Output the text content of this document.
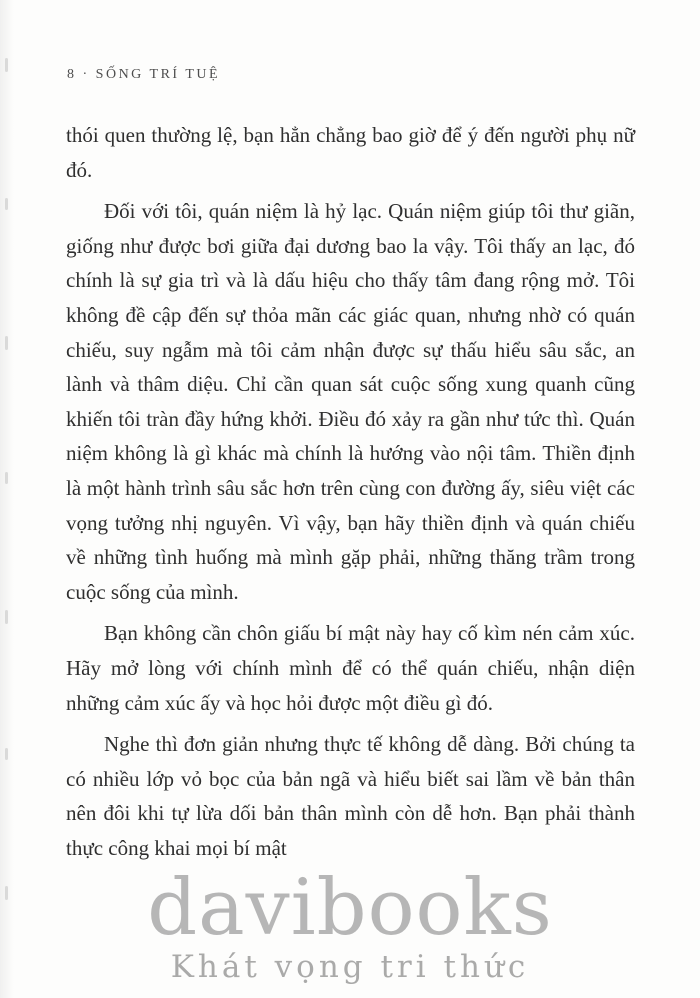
8 · SỐNG TRÍ TUỆ

thói quen thường lệ, bạn hẳn chẳng bao giờ để ý đến người phụ nữ đó.

Đối với tôi, quán niệm là hỷ lạc. Quán niệm giúp tôi thư giãn, giống như được bơi giữa đại dương bao la vậy. Tôi thấy an lạc, đó chính là sự gia trì và là dấu hiệu cho thấy tâm đang rộng mở. Tôi không đề cập đến sự thỏa mãn các giác quan, nhưng nhờ có quán chiếu, suy ngẫm mà tôi cảm nhận được sự thấu hiểu sâu sắc, an lành và thâm diệu. Chỉ cần quan sát cuộc sống xung quanh cũng khiến tôi tràn đầy hứng khởi. Điều đó xảy ra gần như tức thì. Quán niệm không là gì khác mà chính là hướng vào nội tâm. Thiền định là một hành trình sâu sắc hơn trên cùng con đường ấy, siêu việt các vọng tưởng nhị nguyên. Vì vậy, bạn hãy thiền định và quán chiếu về những tình huống mà mình gặp phải, những thăng trầm trong cuộc sống của mình.

Bạn không cần chôn giấu bí mật này hay cố kìm nén cảm xúc. Hãy mở lòng với chính mình để có thể quán chiếu, nhận diện những cảm xúc ấy và học hỏi được một điều gì đó.

Nghe thì đơn giản nhưng thực tế không dễ dàng. Bởi chúng ta có nhiều lớp vỏ bọc của bản ngã và hiểu biết sai lầm về bản thân nên đôi khi tự lừa dối bản thân mình còn dễ hơn. Bạn phải thành thực công khai mọi bí mật

davibooks
Khát vọng tri thức
